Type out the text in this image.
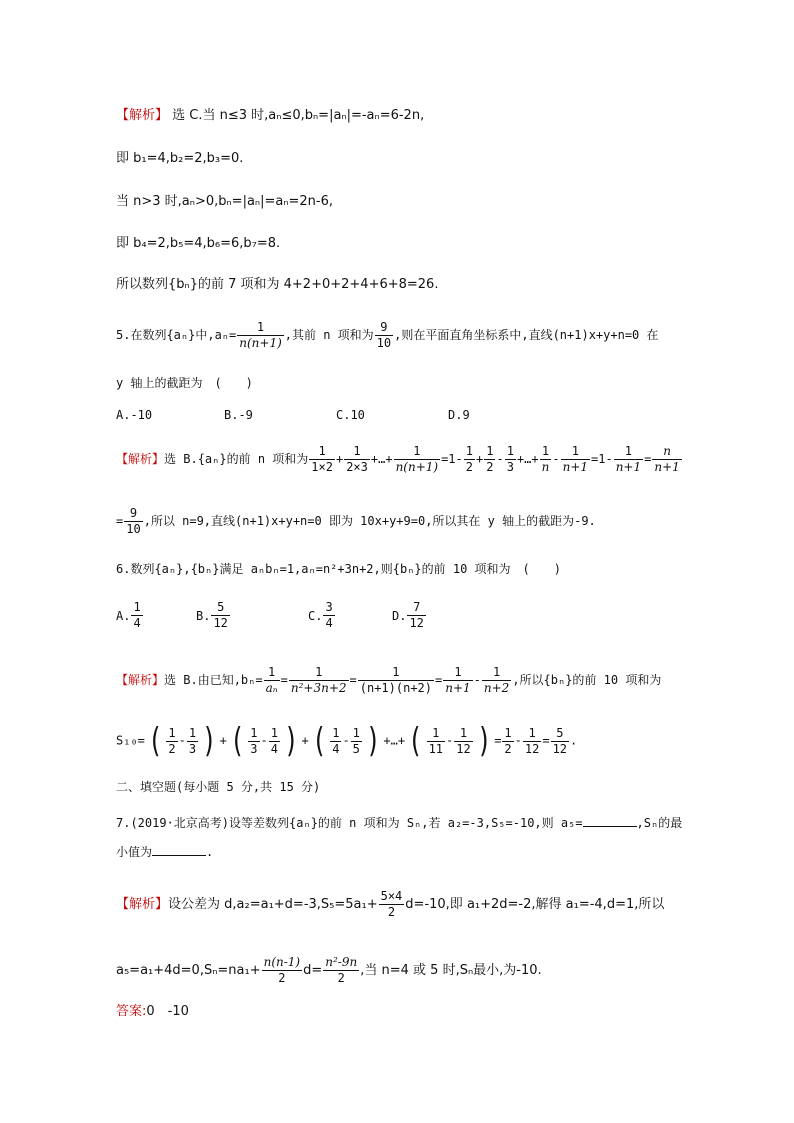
【解析】 选 C.当 n≤3 时,aₙ≤0,bₙ=|aₙ|=-aₙ=6-2n,
即 b₁=4,b₂=2,b₃=0.
当 n>3 时,aₙ>0,bₙ=|aₙ|=aₙ=2n-6,
即 b₄=2,b₅=4,b₆=6,b₇=8.
所以数列{bₙ}的前 7 项和为 4+2+0+2+4+6+8=26.
5.在数列{aₙ}中$,a_n= \frac{1}{n(n+1)}$ ,其前 n 项和为 $\frac{9}{10}$ ,则在平面直角坐标系中,直线(n+1)x+y+n=0 在
y 轴上的截距为　(　　)
A.-10	B.-9	C.10	D.9
【解析】选 B.{aₙ}的前 n 项和为 $\frac{1}{1\times 2} + \frac{1}{2\times 3}$ +…+ $\frac{1}{n(n+1)} =1- \frac{1}{2} + \frac{1}{2} - \frac{1}{3}$ +…+ $\frac{1}{n} - \frac{1}{n+1} =1- \frac{1}{n+1} = \frac{n}{n+1}$
= $\frac{9}{10}$ ,所以 n=9,直线(n+1)x+y+n=0 即为 10x+y+9=0,所以其在 y 轴上的截距为-9.
6.数列{aₙ},{bₙ}满足 aₙbₙ=1,aₙ=n²+3n+2,则{bₙ}的前 10 项和为　(　　)
A. $\frac{1}{4}$	B. $\frac{5}{12}$	C. $\frac{3}{4}$	D. $\frac{7}{12}$
【解析】选 B.由已知$,b_n= \frac{1}{\text{aₙ}} = \frac{1}{\text{n²+3n+2}} = \frac{1}{(n+1)(n+2)} = \frac{1}{n+1} - \frac{1}{n+2}$ ,所以{bₙ}的前 10 项和为
$S_{10}=( \frac{1}{2} - \frac{1}{3}$ ) +( $\frac{1}{3} - \frac{1}{4}$ ) +( $\frac{1}{4} - \frac{1}{5}$ ) +…+( $\frac{1}{11} - \frac{1}{12}$ ) = $\frac{1}{2} - \frac{1}{12} = \frac{5}{12}$ .
二、填空题(每小题 5 分,共 15 分)
7.(2019·北京高考)设等差数列{aₙ}的前 n 项和为 Sₙ,若 a₂=-3,S₅=-10,则 a₅=	,Sₙ的最
小值为	.
【解析】设公差为 $d,a_2=a_1+d=-3,S_5=5a_1+ \frac{5\times 4}{2} d=-10$,即 a₁+2d=-2,解得 a₁=-4,d=1,所以
$a_5=a_1+4d=0,S_n=na_1+ \frac{n(n-1)}{2} d= \frac{\text{n²-9n}}{2}$ ,当 n=4 或 5 时,Sₙ最小,为-10.
答案:0　-10
